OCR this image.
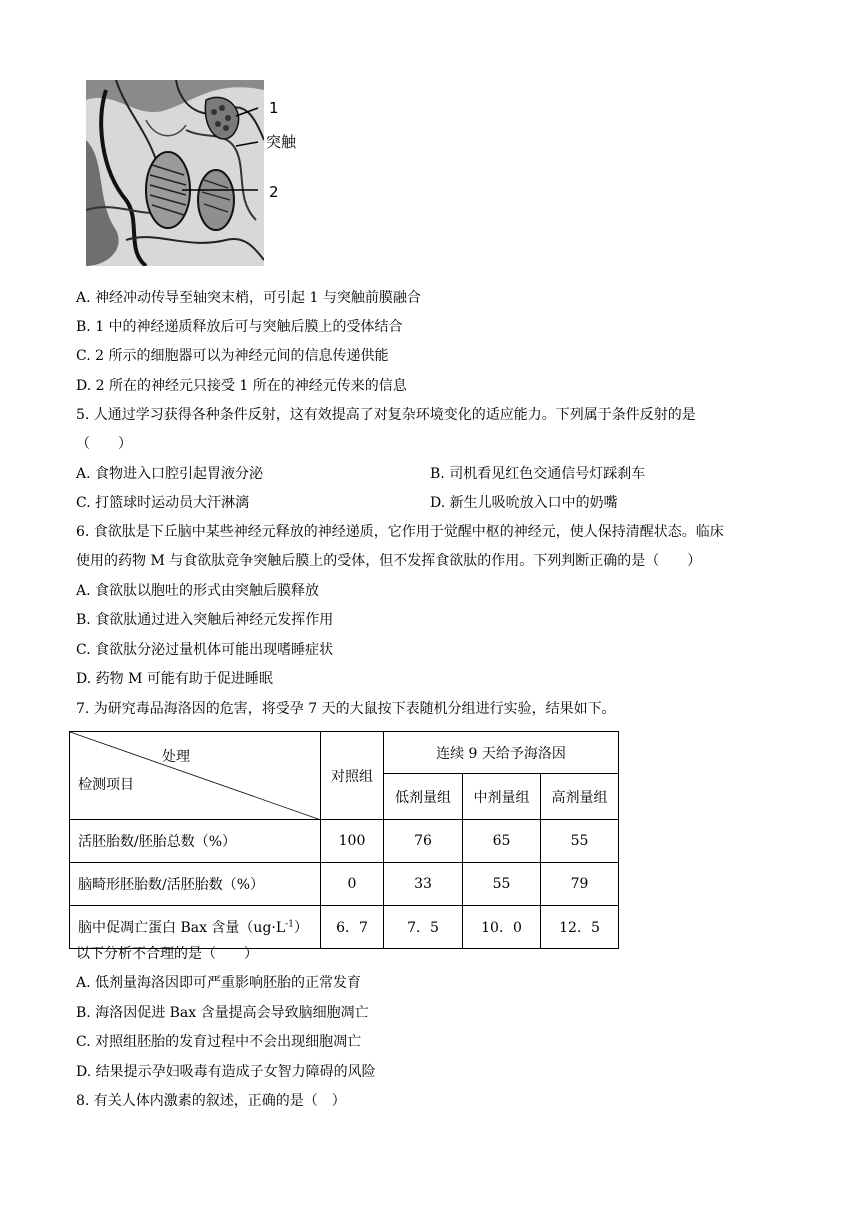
1
突触
2
A. 神经冲动传导至轴突末梢，可引起 1 与突触前膜融合
B. 1 中的神经递质释放后可与突触后膜上的受体结合
C. 2 所示的细胞器可以为神经元间的信息传递供能
D. 2 所在的神经元只接受 1 所在的神经元传来的信息
5. 人通过学习获得各种条件反射，这有效提高了对复杂环境变化的适应能力。下列属于条件反射的是
（　　）
A. 食物进入口腔引起胃液分泌	B. 司机看见红色交通信号灯踩刹车
C. 打篮球时运动员大汗淋漓	D. 新生儿吸吮放入口中的奶嘴
6. 食欲肽是下丘脑中某些神经元释放的神经递质，它作用于觉醒中枢的神经元，使人保持清醒状态。临床
使用的药物 M 与食欲肽竞争突触后膜上的受体，但不发挥食欲肽的作用。下列判断正确的是（　　）
A. 食欲肽以胞吐的形式由突触后膜释放
B. 食欲肽通过进入突触后神经元发挥作用
C. 食欲肽分泌过量机体可能出现嗜睡症状
D. 药物 M 可能有助于促进睡眠
7. 为研究毒品海洛因的危害，将受孕 7 天的大鼠按下表随机分组进行实验，结果如下。
处理
检测项目	对照组	连续 9 天给予海洛因		
		低剂量组	中剂量组	高剂量组
活胚胎数/胚胎总数（%）	100	76	65	55
脑畸形胚胎数/活胚胎数（%）	0	33	55	79
脑中促凋亡蛋白 Bax 含量$(ug\cdot L^{-1})$	6．7	7．5	10．0	12．5
以下分析不合理的是（　　）
A. 低剂量海洛因即可严重影响胚胎的正常发育
B. 海洛因促进 Bax 含量提高会导致脑细胞凋亡
C. 对照组胚胎的发育过程中不会出现细胞凋亡
D. 结果提示孕妇吸毒有造成子女智力障碍的风险
8. 有关人体内激素的叙述，正确的是（　）
